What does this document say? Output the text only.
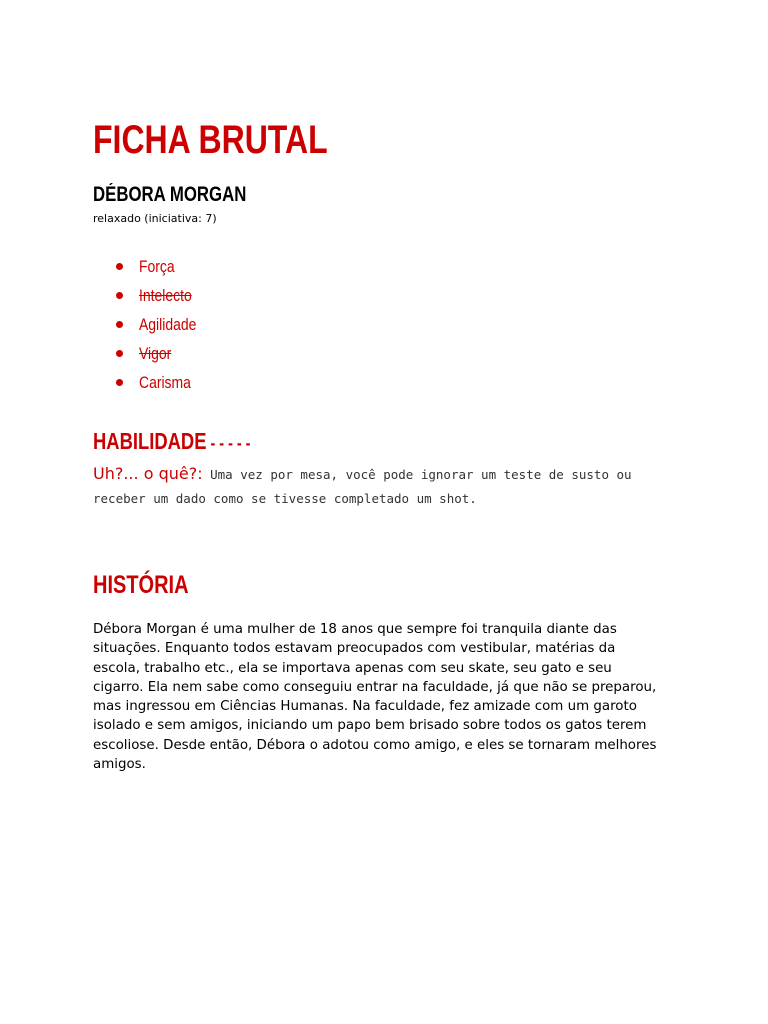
FICHA BRUTAL
DÉBORA MORGAN
relaxado (iniciativa: 7)
Força
Intelecto
Agilidade
Vigor
Carisma
HABILIDADE - - - - -
Uh?... o quê?: Uma vez por mesa, você pode ignorar um teste de susto ou
receber um dado como se tivesse completado um shot.
HISTÓRIA

Débora Morgan é uma mulher de 18 anos que sempre foi tranquila diante das
situações. Enquanto todos estavam preocupados com vestibular, matérias da
escola, trabalho etc., ela se importava apenas com seu skate, seu gato e seu
cigarro. Ela nem sabe como conseguiu entrar na faculdade, já que não se preparou,
mas ingressou em Ciências Humanas. Na faculdade, fez amizade com um garoto
isolado e sem amigos, iniciando um papo bem brisado sobre todos os gatos terem
escoliose. Desde então, Débora o adotou como amigo, e eles se tornaram melhores
amigos.
